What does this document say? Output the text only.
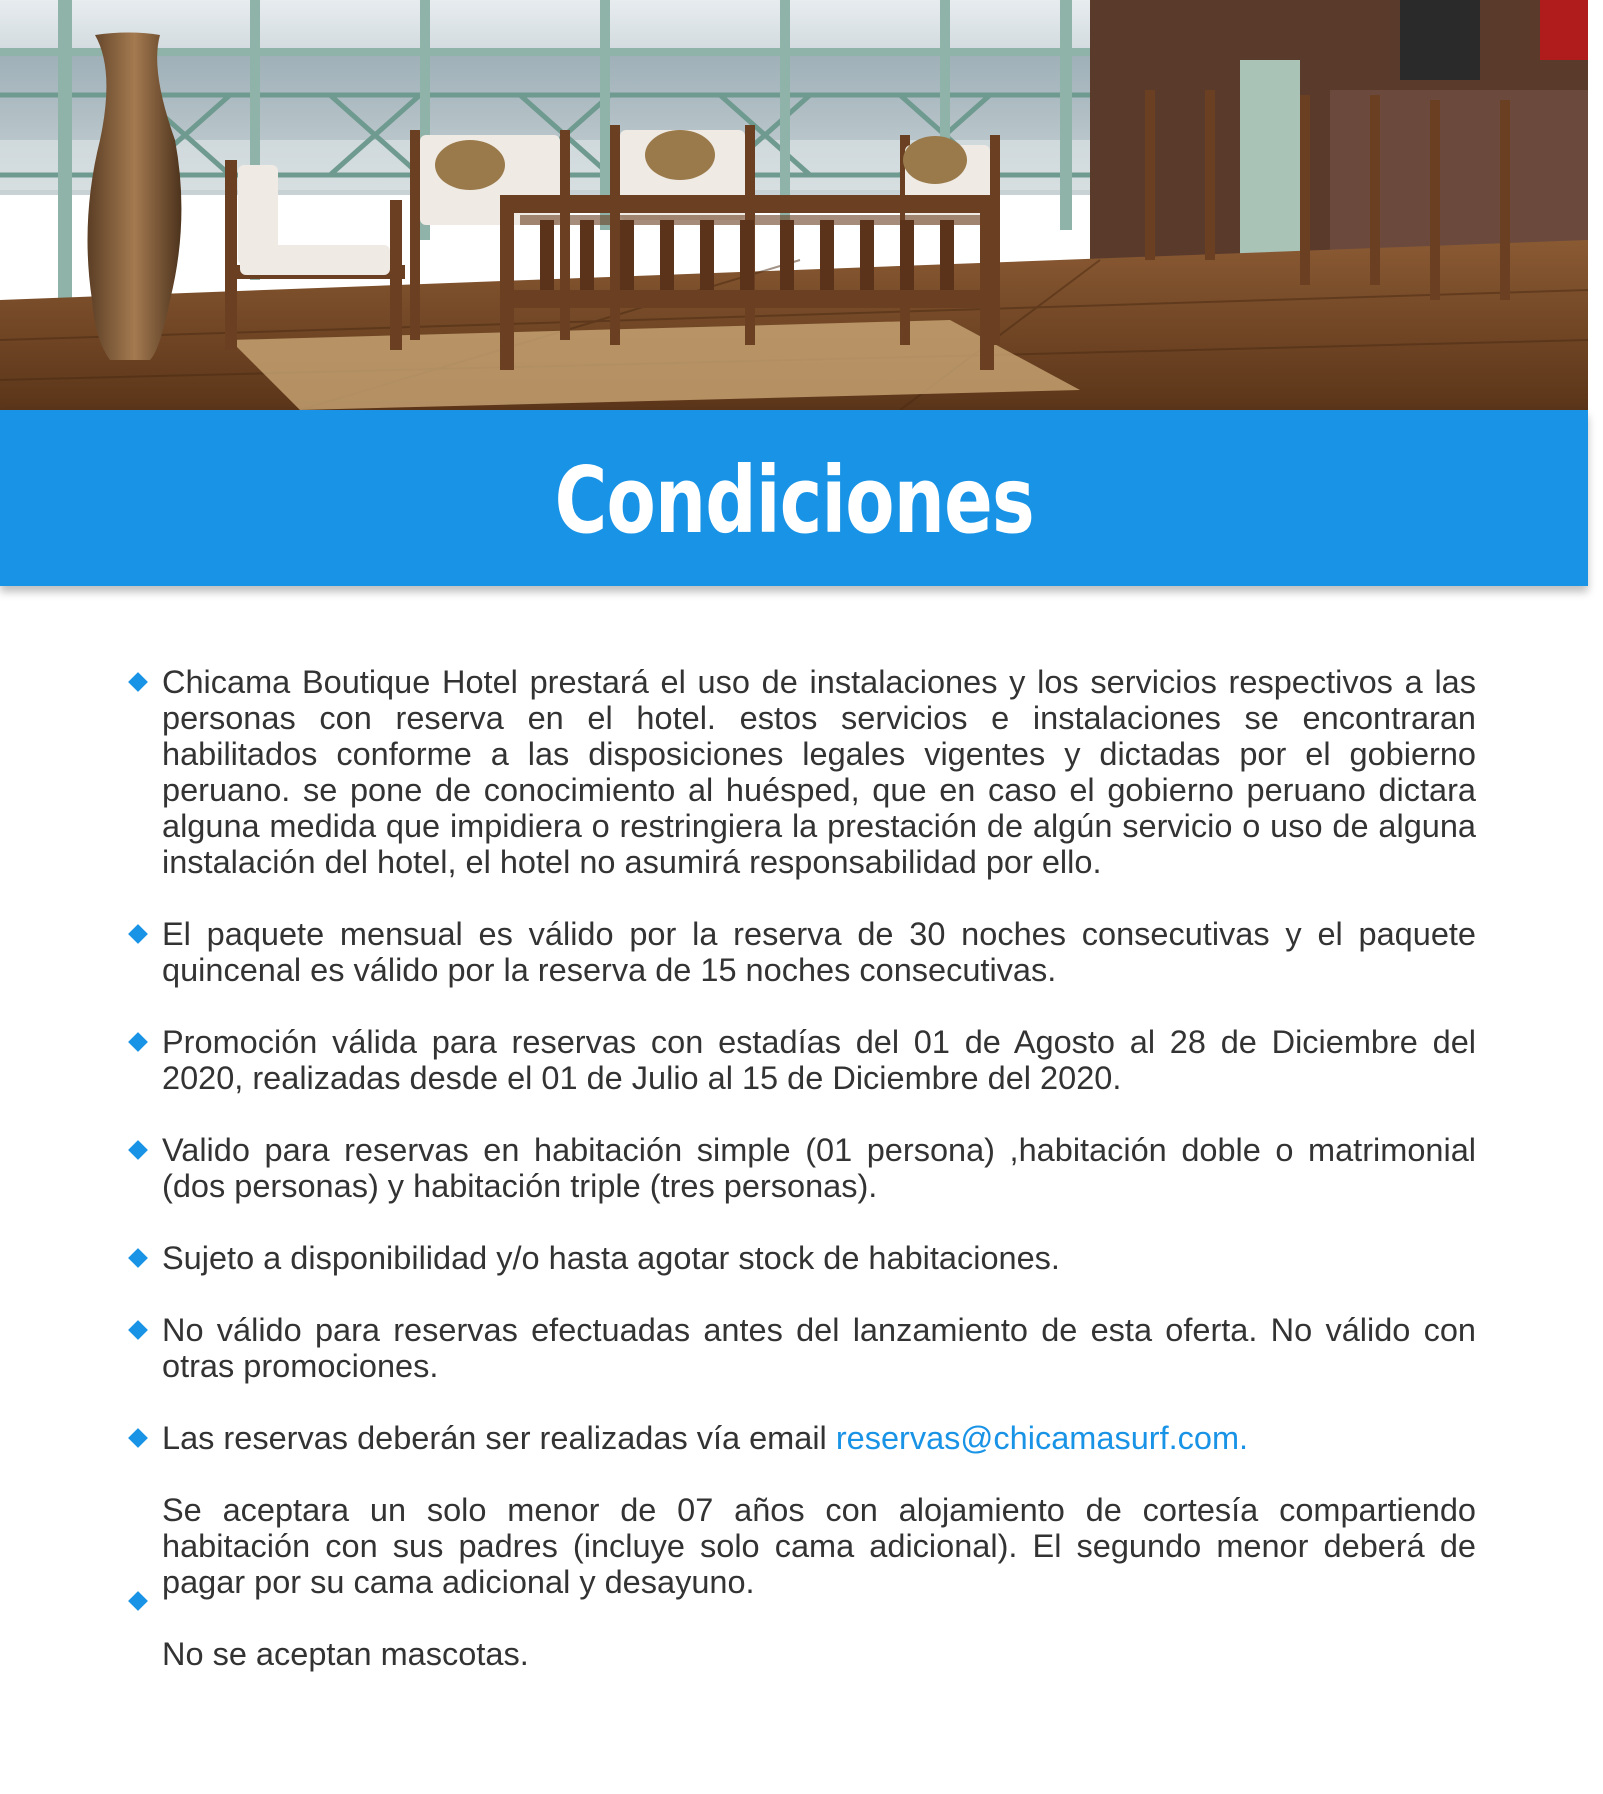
Condiciones
Chicama Boutique Hotel prestará el uso de instalaciones y los servicios respectivos a las personas con reserva en el hotel. estos servicios e instalaciones se encontraran habilitados conforme a las disposiciones legales vigentes y dictadas por el gobierno peruano. se pone de conocimiento al huésped, que en caso el gobierno peruano dictara alguna medida que impidiera o restringiera la prestación de algún servicio o uso de alguna instalación del hotel, el hotel no asumirá responsabilidad por ello.
El paquete mensual es válido por la reserva de 30 noches consecutivas y el paquete quincenal es válido por la reserva de 15 noches consecutivas.
Promoción válida para reservas con estadías del 01 de Agosto al 28 de Diciembre del 2020, realizadas desde el 01 de Julio al 15 de Diciembre del 2020.
Valido para reservas en habitación simple (01 persona) ,habitación doble o matrimonial (dos personas) y habitación triple (tres personas).
Sujeto a disponibilidad y/o hasta agotar stock de habitaciones.
No válido para reservas efectuadas antes del lanzamiento de esta oferta. No válido con otras promociones.
Las reservas deberán ser realizadas vía email reservas@chicamasurf.com.

Se aceptara un solo menor de 07 años con alojamiento de cortesía compartiendo habitación con sus padres (incluye solo cama adicional). El segundo menor deberá de pagar por su cama adicional y desayuno.

No se aceptan mascotas.
